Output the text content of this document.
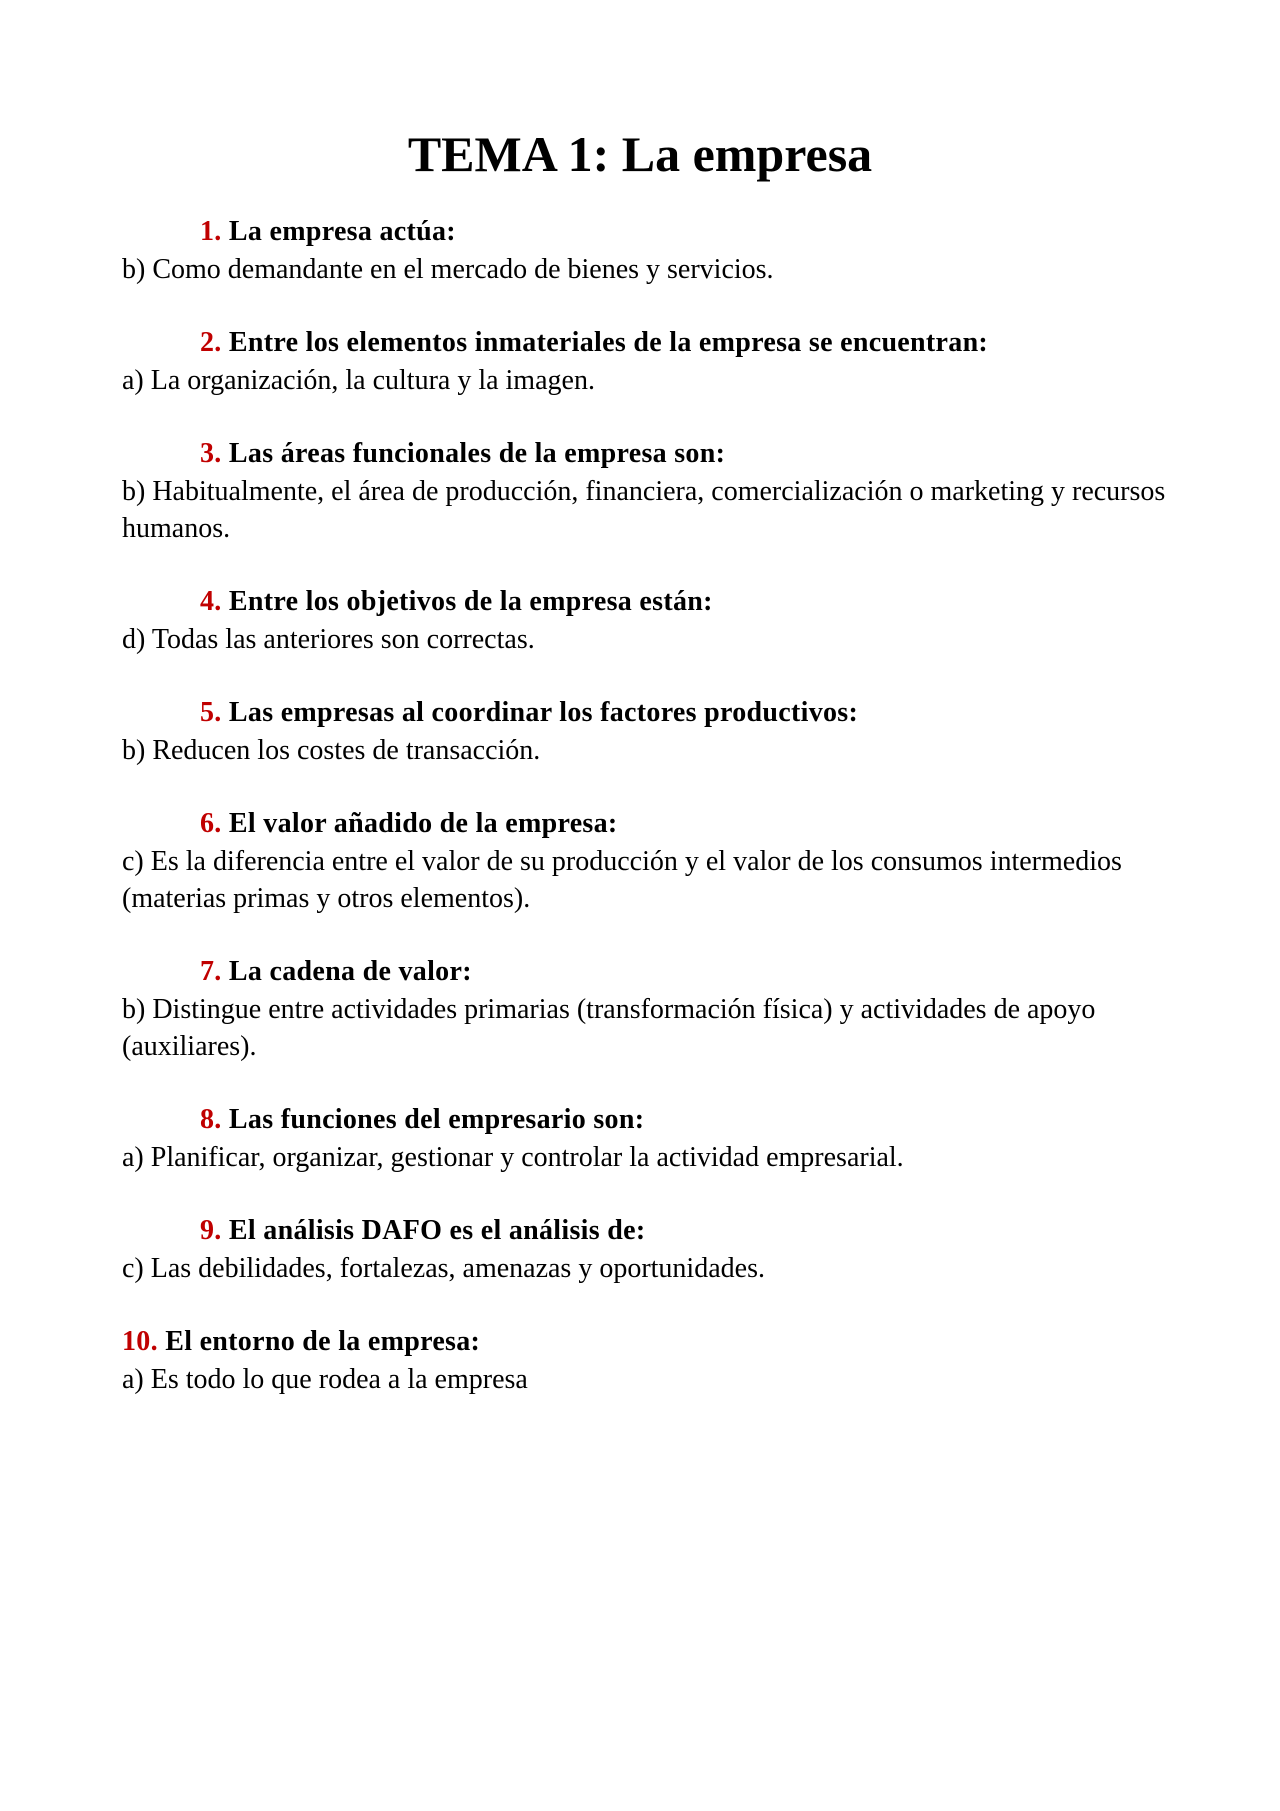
TEMA 1: La empresa
1. La empresa actúa:
b) Como demandante en el mercado de bienes y servicios.
2. Entre los elementos inmateriales de la empresa se encuentran:
a) La organización, la cultura y la imagen.
3. Las áreas funcionales de la empresa son:
b) Habitualmente, el área de producción, financiera, comercialización o marketing y recursos humanos.
4. Entre los objetivos de la empresa están:
d) Todas las anteriores son correctas.
5. Las empresas al coordinar los factores productivos:
b) Reducen los costes de transacción.
6. El valor añadido de la empresa:
c) Es la diferencia entre el valor de su producción y el valor de los consumos intermedios (materias primas y otros elementos).
7. La cadena de valor:
b) Distingue entre actividades primarias (transformación física) y actividades de apoyo (auxiliares).
8. Las funciones del empresario son:
a) Planificar, organizar, gestionar y controlar la actividad empresarial.
9. El análisis DAFO es el análisis de:
c) Las debilidades, fortalezas, amenazas y oportunidades.
10. El entorno de la empresa:
a) Es todo lo que rodea a la empresa
